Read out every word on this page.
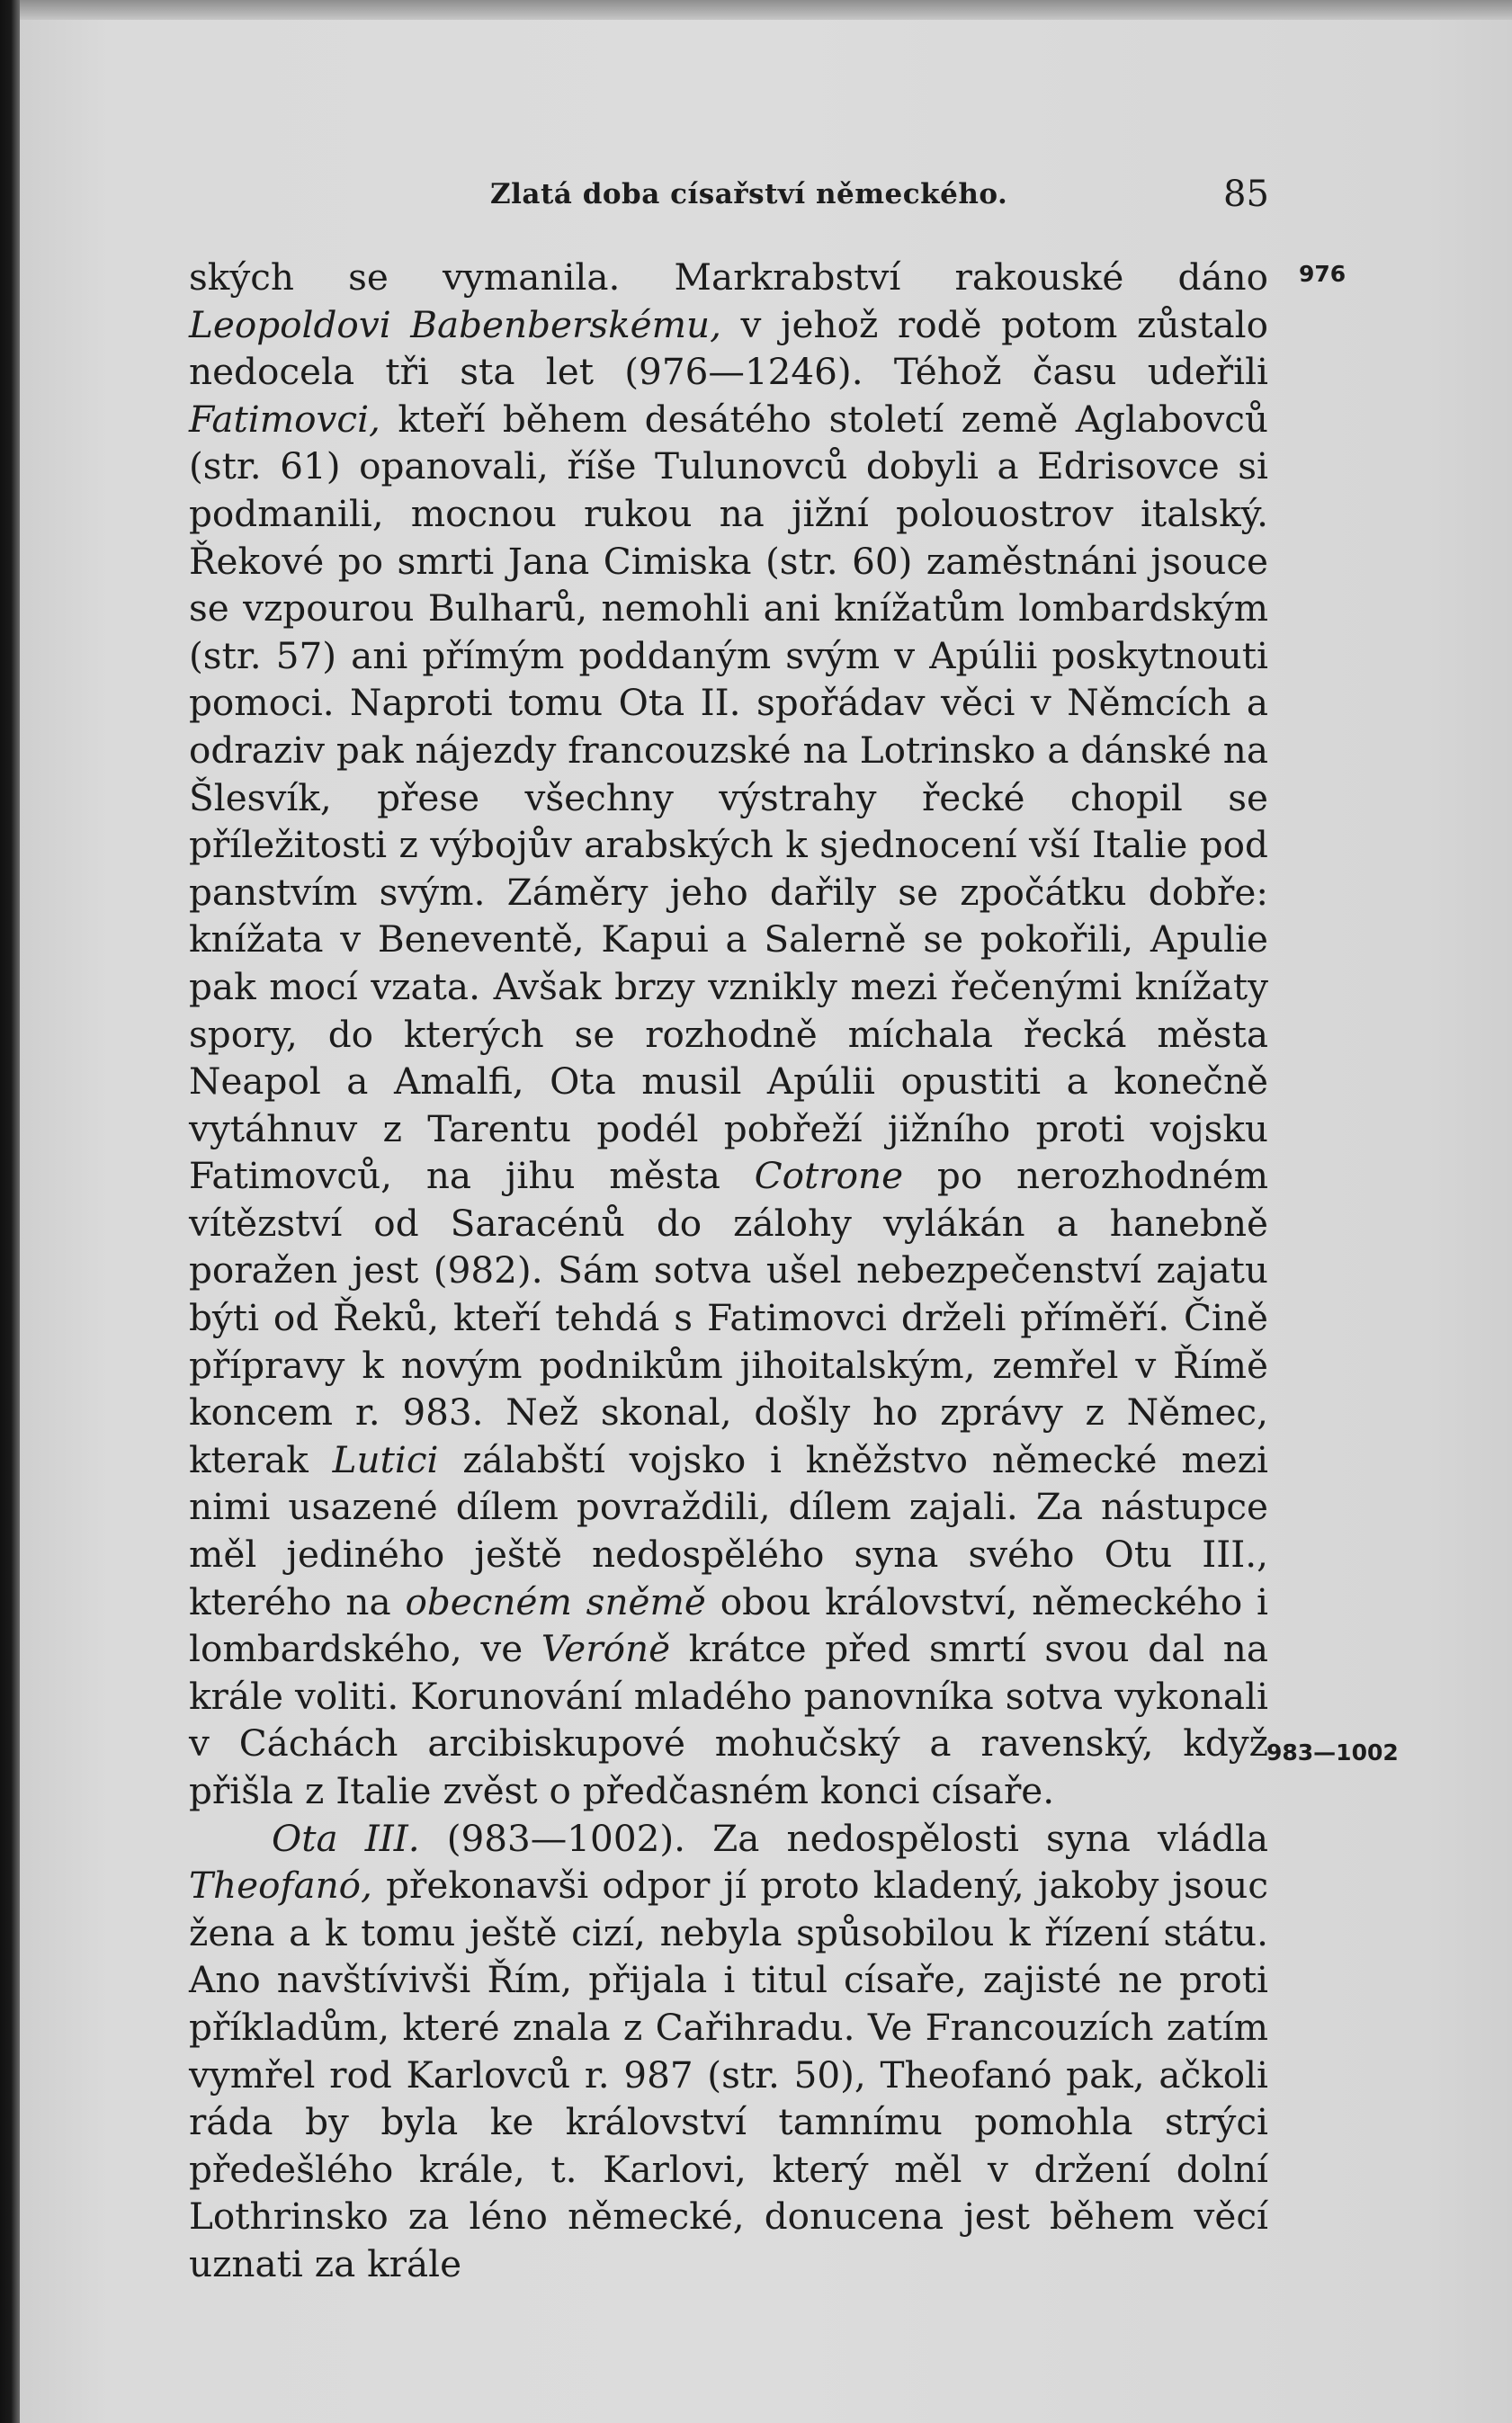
Zlatá doba císařství německého.	85
976
983—1002

ských se vymanila. Markrabství rakouské dáno Leopoldovi Babenberskému, v jehož rodě potom zůstalo nedocela tři sta let (976—1246). Téhož času udeřili Fatimovci, kteří během desátého století země Aglabovců (str. 61) opanovali, říše Tulunovců dobyli a Edrisovce si podmanili, mocnou rukou na jižní polouostrov italský. Řekové po smrti Jana Cimiska (str. 60) zaměstnáni jsouce se vzpourou Bulharů, nemohli ani knížatům lombardským (str. 57) ani přímým poddaným svým v Apúlii poskytnouti pomoci. Naproti tomu Ota II. spořádav věci v Němcích a odraziv pak nájezdy francouzské na Lotrinsko a dánské na Šlesvík, přese všechny výstrahy řecké chopil se příležitosti z výbojův arabských k sjednocení vší Italie pod panstvím svým. Záměry jeho dařily se zpočátku dobře: knížata v Beneventě, Kapui a Salerně se pokořili, Apulie pak mocí vzata. Avšak brzy vznikly mezi řečenými knížaty spory, do kterých se rozhodně míchala řecká města Neapol a Amalfi, Ota musil Apúlii opustiti a konečně vytáhnuv z Tarentu podél pobřeží jižního proti vojsku Fatimovců, na jihu města Cotrone po nerozhodném vítězství od Saracénů do zálohy vylákán a hanebně poražen jest (982). Sám sotva ušel nebezpečenství zajatu býti od Řeků, kteří tehdá s Fatimovci drželi příměří. Čině přípravy k novým podnikům jihoitalským, zemřel v Římě koncem r. 983. Než skonal, došly ho zprávy z Němec, kterak Lutici zálabští vojsko i kněžstvo německé mezi nimi usazené dílem povraždili, dílem zajali. Za nástupce měl jediného ještě nedospělého syna svého Otu III., kterého na obecném sněmě obou království, německého i lombardského, ve Veróně krátce před smrtí svou dal na krále voliti. Korunování mladého panovníka sotva vykonali v Cáchách arcibiskupové mohučský a ravenský, když přišla z Italie zvěst o předčasném konci císaře.

Ota III. (983—1002). Za nedospělosti syna vládla Theofanó, překonavši odpor jí proto kladený, jakoby jsouc žena a k tomu ještě cizí, nebyla spůsobilou k řízení státu. Ano navštívivši Řím, přijala i titul císaře, zajisté ne proti příkladům, které znala z Cařihradu. Ve Francouzích zatím vymřel rod Karlovců r. 987 (str. 50), Theofanó pak, ačkoli ráda by byla ke království tamnímu pomohla strýci předešlého krále, t. Karlovi, který měl v držení dolní Lothrinsko za léno německé, donucena jest během věcí uznati za krále
